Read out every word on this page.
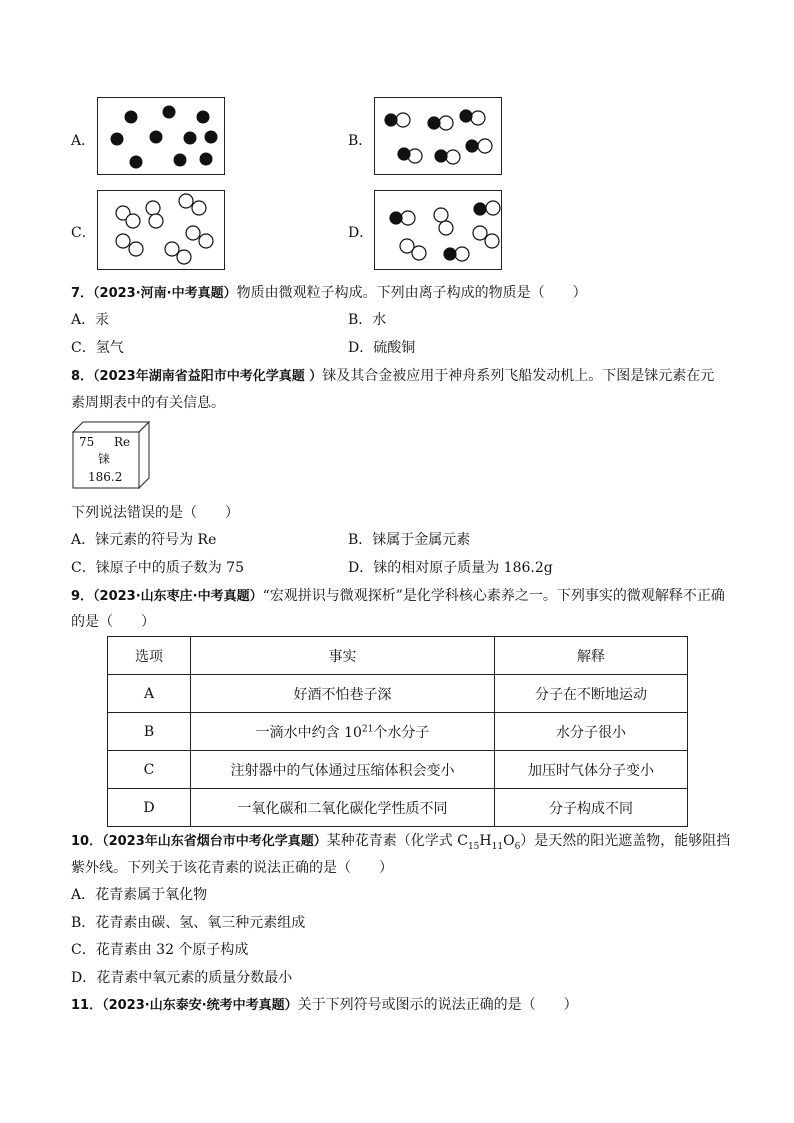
A．	B．
C．	D．
7．（2023·河南·中考真题）物质由微观粒子构成。下列由离子构成的物质是（　　）
A．汞	B．水
C．氢气	D．硫酸铜
8．（2023年湖南省益阳市中考化学真题 ）铼及其合金被应用于神舟系列飞船发动机上。下图是铼元素在元
素周期表中的有关信息。
75 Re
铼
186.2
下列说法错误的是（　　）
A．铼元素的符号为 Re	B．铼属于金属元素
C．铼原子中的质子数为 75	D．铼的相对原子质量为 186.2g
9．（2023·山东枣庄·中考真题）“宏观拼识与微观探析”是化学科核心素养之一。下列事实的微观解释不正确
的是（　　）
选项	事实	解释
A	好酒不怕巷子深	分子在不断地运动
B	一滴水中约含 $10^{21}$个水分子	水分子很小
C	注射器中的气体通过压缩体积会变小	加压时气体分子变小
D	一氧化碳和二氧化碳化学性质不同	分子构成不同
10．（2023年山东省烟台市中考化学真题）某种花青素（化学式 $C_{15}H_{11}O_6$）是天然的阳光遮盖物，能够阻挡
紫外线。下列关于该花青素的说法正确的是（　　）
A．花青素属于氧化物
B．花青素由碳、氢、氧三种元素组成
C．花青素由 32 个原子构成
D．花青素中氧元素的质量分数最小
11．（2023·山东泰安·统考中考真题）关于下列符号或图示的说法正确的是（　　）
